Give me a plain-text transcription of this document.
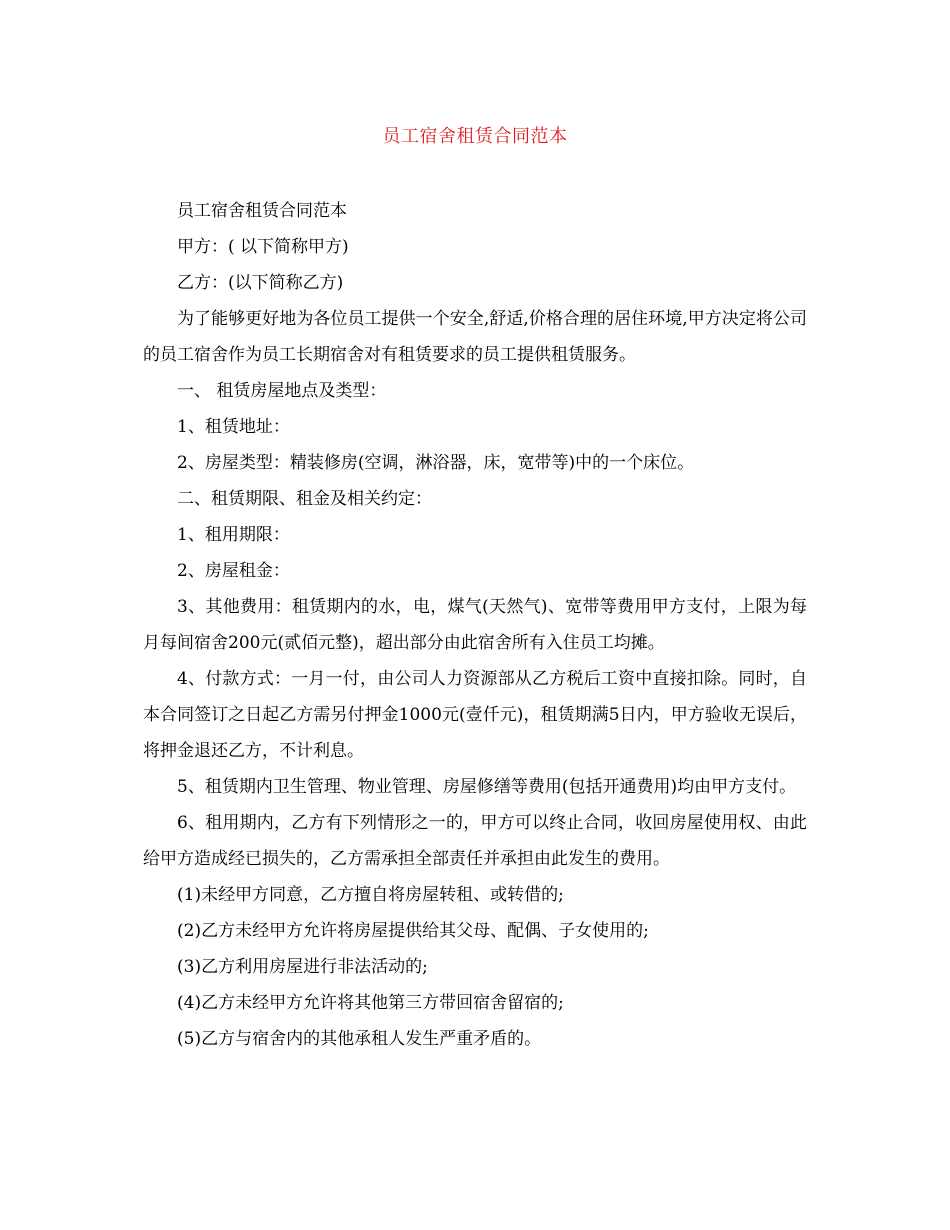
员工宿舍租赁合同范本

员工宿舍租赁合同范本

甲方：( 以下简称甲方)

乙方：(以下简称乙方)

为了能够更好地为各位员工提供一个安全,舒适,价格合理的居住环境,甲方决定将公司的员工宿舍作为员工长期宿舍对有租赁要求的员工提供租赁服务。

一、 租赁房屋地点及类型：

1、租赁地址：

2、房屋类型：精装修房(空调，淋浴器，床，宽带等)中的一个床位。

二、租赁期限、租金及相关约定：

1、租用期限：

2、房屋租金：

3、其他费用：租赁期内的水，电，煤气(天然气)、宽带等费用甲方支付，上限为每月每间宿舍200元(贰佰元整)，超出部分由此宿舍所有入住员工均摊。

4、付款方式：一月一付，由公司人力资源部从乙方税后工资中直接扣除。同时，自本合同签订之日起乙方需另付押金1000元(壹仟元)，租赁期满5日内，甲方验收无误后，将押金退还乙方，不计利息。

5、租赁期内卫生管理、物业管理、房屋修缮等费用(包括开通费用)均由甲方支付。

6、租用期内，乙方有下列情形之一的，甲方可以终止合同，收回房屋使用权、由此给甲方造成经已损失的，乙方需承担全部责任并承担由此发生的费用。

(1)未经甲方同意，乙方擅自将房屋转租、或转借的;

(2)乙方未经甲方允许将房屋提供给其父母、配偶、子女使用的;

(3)乙方利用房屋进行非法活动的;

(4)乙方未经甲方允许将其他第三方带回宿舍留宿的;

(5)乙方与宿舍内的其他承租人发生严重矛盾的。
